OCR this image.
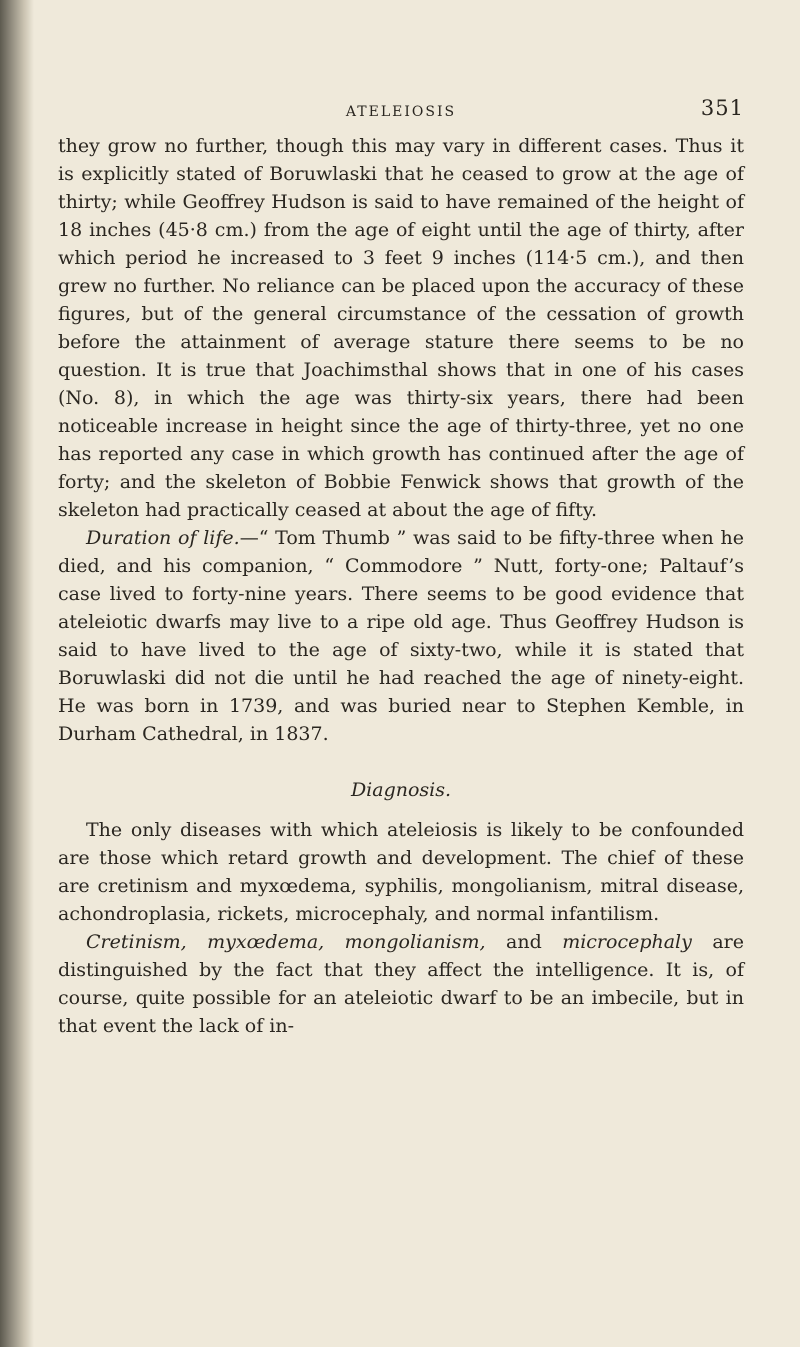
ATELEIOSIS	351

they grow no further, though this may vary in different cases. Thus it is explicitly stated of Boruwlaski that he ceased to grow at the age of thirty; while Geoffrey Hudson is said to have remained of the height of 18 inches (45·8 cm.) from the age of eight until the age of thirty, after which period he increased to 3 feet 9 inches (114·5 cm.), and then grew no further. No reliance can be placed upon the accuracy of these figures, but of the general circumstance of the cessation of growth before the attainment of average stature there seems to be no question. It is true that Joachimsthal shows that in one of his cases (No. 8), in which the age was thirty-six years, there had been noticeable increase in height since the age of thirty-three, yet no one has reported any case in which growth has continued after the age of forty; and the skeleton of Bobbie Fenwick shows that growth of the skeleton had practically ceased at about the age of fifty.

Duration of life.—“ Tom Thumb ” was said to be fifty-three when he died, and his companion, “ Commodore ” Nutt, forty-one; Paltauf’s case lived to forty-nine years. There seems to be good evidence that ateleiotic dwarfs may live to a ripe old age. Thus Geoffrey Hudson is said to have lived to the age of sixty-two, while it is stated that Boruwlaski did not die until he had reached the age of ninety-eight. He was born in 1739, and was buried near to Stephen Kemble, in Durham Cathedral, in 1837.

Diagnosis.

The only diseases with which ateleiosis is likely to be confounded are those which retard growth and development. The chief of these are cretinism and myxœdema, syphilis, mongolianism, mitral disease, achondroplasia, rickets, microcephaly, and normal infantilism.

Cretinism, myxœdema, mongolianism, and microcephaly are distinguished by the fact that they affect the intelligence. It is, of course, quite possible for an ateleiotic dwarf to be an imbecile, but in that event the lack of in-
